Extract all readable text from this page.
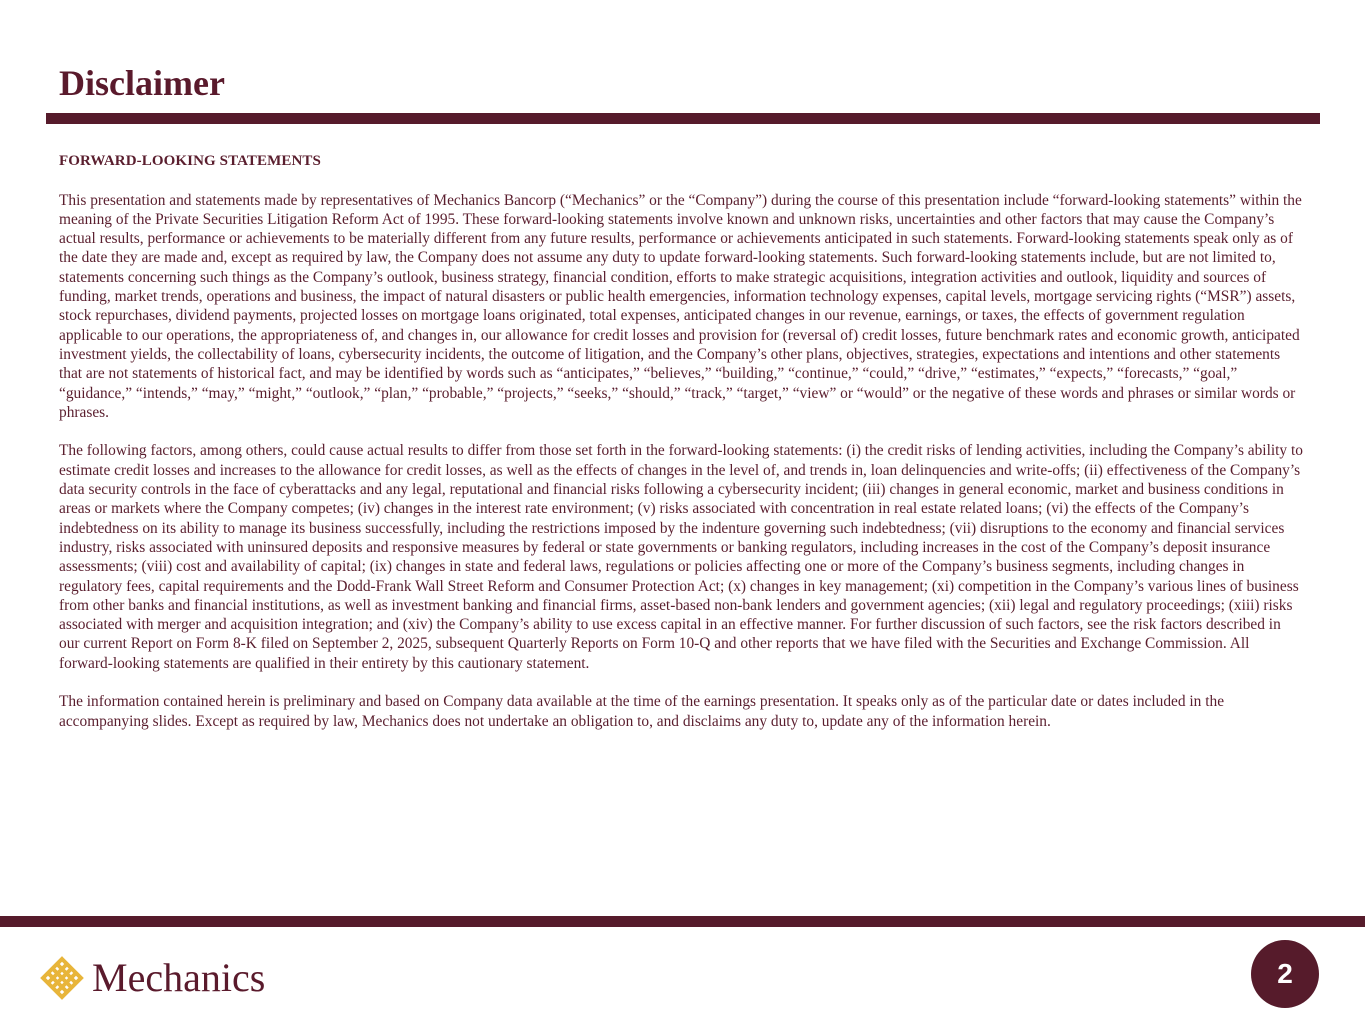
Disclaimer

FORWARD-LOOKING STATEMENTS

This presentation and statements made by representatives of Mechanics Bancorp (“Mechanics” or the “Company”) during the course of this presentation include “forward-looking statements” within the meaning of the Private Securities Litigation Reform Act of 1995. These forward-looking statements involve known and unknown risks, uncertainties and other factors that may cause the Company’s actual results, performance or achievements to be materially different from any future results, performance or achievements anticipated in such statements. Forward-looking statements speak only as of the date they are made and, except as required by law, the Company does not assume any duty to update forward-looking statements. Such forward-looking statements include, but are not limited to, statements concerning such things as the Company’s outlook, business strategy, financial condition, efforts to make strategic acquisitions, integration activities and outlook, liquidity and sources of funding, market trends, operations and business, the impact of natural disasters or public health emergencies, information technology expenses, capital levels, mortgage servicing rights (“MSR”) assets, stock repurchases, dividend payments, projected losses on mortgage loans originated, total expenses, anticipated changes in our revenue, earnings, or taxes, the effects of government regulation applicable to our operations, the appropriateness of, and changes in, our allowance for credit losses and provision for (reversal of) credit losses, future benchmark rates and economic growth, anticipated investment yields, the collectability of loans, cybersecurity incidents, the outcome of litigation, and the Company’s other plans, objectives, strategies, expectations and intentions and other statements that are not statements of historical fact, and may be identified by words such as “anticipates,” “believes,” “building,” “continue,” “could,” “drive,” “estimates,” “expects,” “forecasts,” “goal,” “guidance,” “intends,” “may,” “might,” “outlook,” “plan,” “probable,” “projects,” “seeks,” “should,” “track,” “target,” “view” or “would” or the negative of these words and phrases or similar words or phrases.

The following factors, among others, could cause actual results to differ from those set forth in the forward-looking statements: (i) the credit risks of lending activities, including the Company’s ability to estimate credit losses and increases to the allowance for credit losses, as well as the effects of changes in the level of, and trends in, loan delinquencies and write-offs; (ii) effectiveness of the Company’s data security controls in the face of cyberattacks and any legal, reputational and financial risks following a cybersecurity incident; (iii) changes in general economic, market and business conditions in areas or markets where the Company competes; (iv) changes in the interest rate environment; (v) risks associated with concentration in real estate related loans; (vi) the effects of the Company’s indebtedness on its ability to manage its business successfully, including the restrictions imposed by the indenture governing such indebtedness; (vii) disruptions to the economy and financial services industry, risks associated with uninsured deposits and responsive measures by federal or state governments or banking regulators, including increases in the cost of the Company’s deposit insurance assessments; (viii) cost and availability of capital; (ix) changes in state and federal laws, regulations or policies affecting one or more of the Company’s business segments, including changes in regulatory fees, capital requirements and the Dodd-Frank Wall Street Reform and Consumer Protection Act; (x) changes in key management; (xi) competition in the Company’s various lines of business from other banks and financial institutions, as well as investment banking and financial firms, asset-based non-bank lenders and government agencies; (xii) legal and regulatory proceedings; (xiii) risks associated with merger and acquisition integration; and (xiv) the Company’s ability to use excess capital in an effective manner. For further discussion of such factors, see the risk factors described in our current Report on Form 8-K filed on September 2, 2025, subsequent Quarterly Reports on Form 10-Q and other reports that we have filed with the Securities and Exchange Commission. All forward-looking statements are qualified in their entirety by this cautionary statement.

The information contained herein is preliminary and based on Company data available at the time of the earnings presentation. It speaks only as of the particular date or dates included in the accompanying slides. Except as required by law, Mechanics does not undertake an obligation to, and disclaims any duty to, update any of the information herein.

Mechanics	2
